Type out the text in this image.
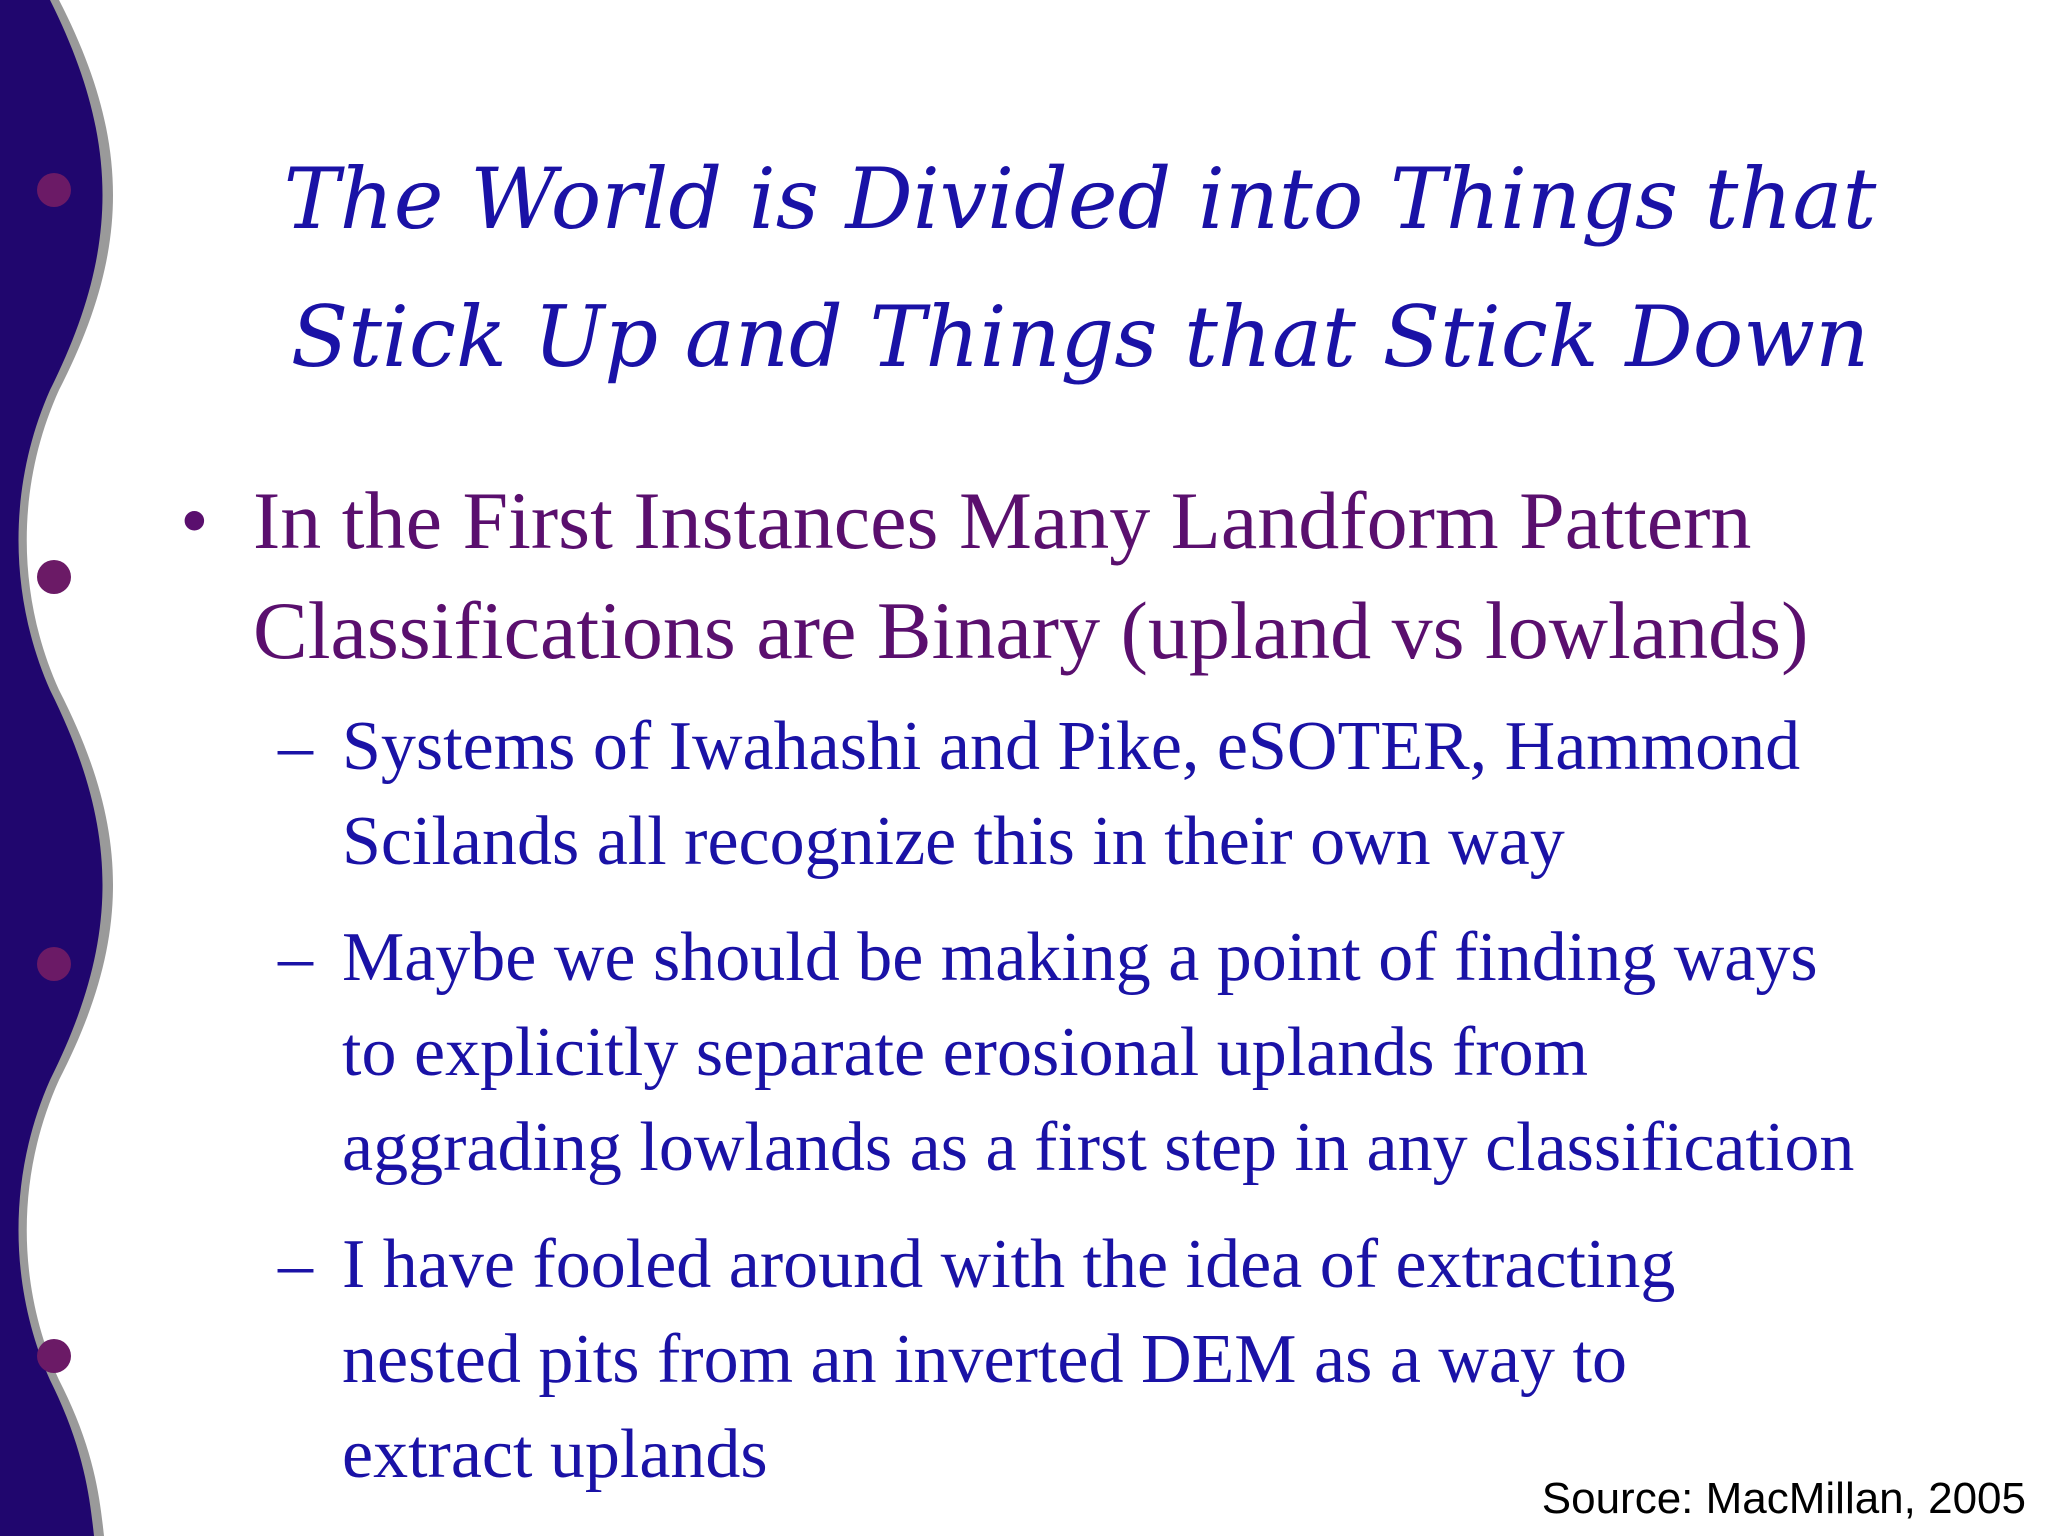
The World is Divided into Things that
Stick Up and Things that Stick Down
• In the First Instances Many Landform Pattern
Classifications are Binary (upland vs lowlands)
– Systems of Iwahashi and Pike, eSOTER, Hammond
Scilands all recognize this in their own way
– Maybe we should be making a point of finding ways
to explicitly separate erosional uplands from
aggrading lowlands as a first step in any classification
– I have fooled around with the idea of extracting
nested pits from an inverted DEM as a way to
extract uplands
Source: MacMillan, 2005
